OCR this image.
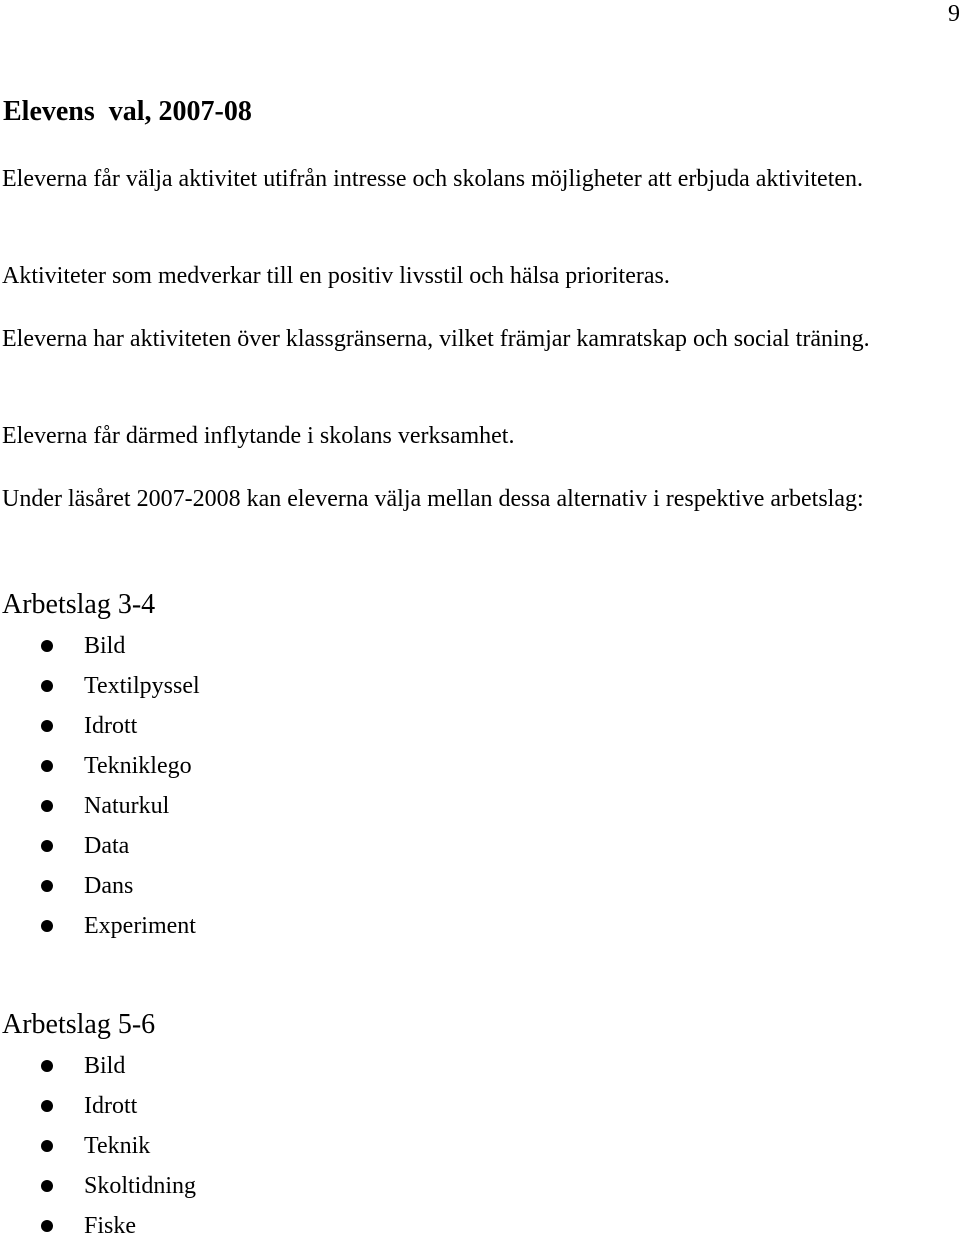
9
Elevens  val, 2007-08
Eleverna får välja aktivitet utifrån intresse och skolans möjligheter att erbjuda aktiviteten.
Aktiviteter som medverkar till en positiv livsstil och hälsa prioriteras.
Eleverna har aktiviteten över klassgränserna, vilket främjar kamratskap och social träning.
Eleverna får därmed inflytande i skolans verksamhet.
Under läsåret 2007-2008 kan eleverna välja mellan dessa alternativ i respektive arbetslag:
Arbetslag 3-4
Bild
Textilpyssel
Idrott
Tekniklego
Naturkul
Data
Dans
Experiment
Arbetslag 5-6
Bild
Idrott
Teknik
Skoltidning
Fiske
